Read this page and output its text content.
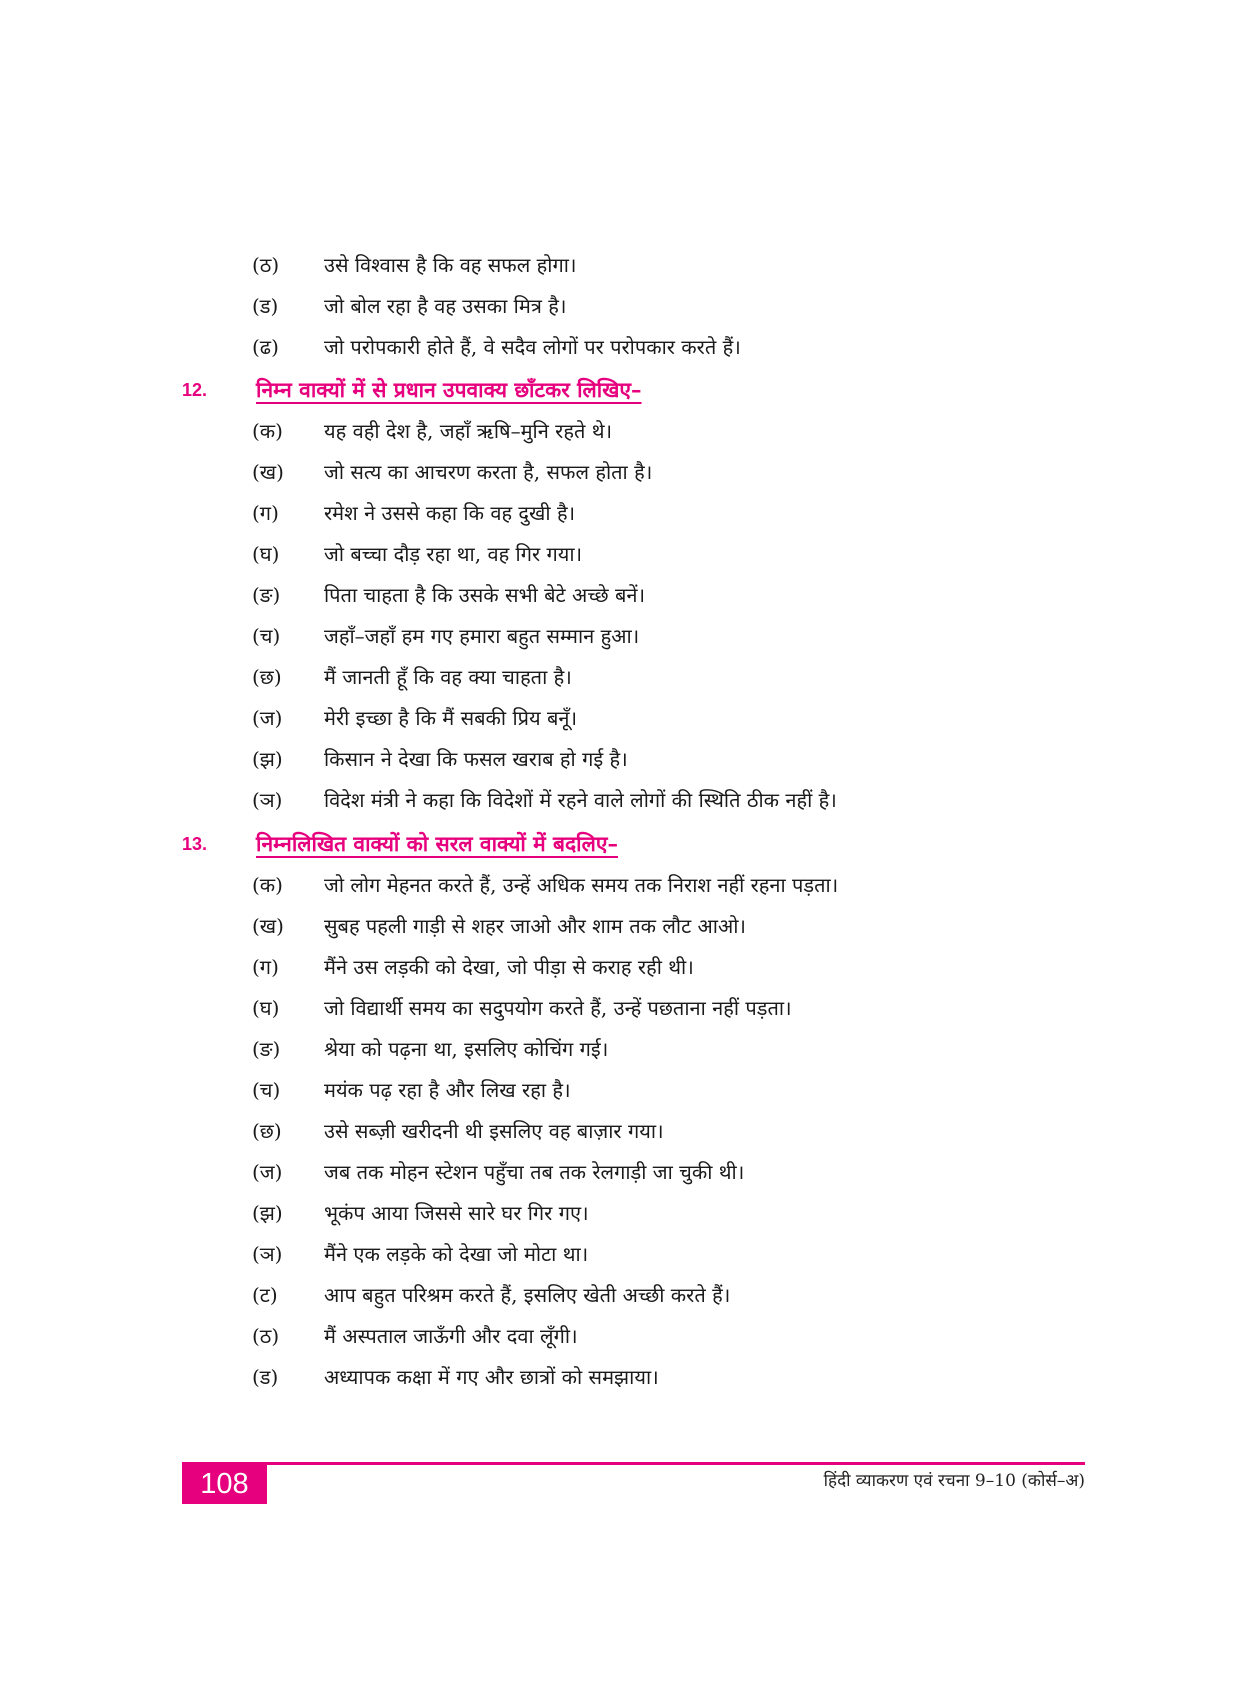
(ठ)	उसे विश्वास है कि वह सफल होगा।
(ड)	जो बोल रहा है वह उसका मित्र है।
(ढ)	जो परोपकारी होते हैं, वे सदैव लोगों पर परोपकार करते हैं।
12. निम्न वाक्यों में से प्रधान उपवाक्य छाँटकर लिखिए–
(क)	यह वही देश है, जहाँ ऋषि–मुनि रहते थे।
(ख)	जो सत्य का आचरण करता है, सफल होता है।
(ग)	रमेश ने उससे कहा कि वह दुखी है।
(घ)	जो बच्चा दौड़ रहा था, वह गिर गया।
(ङ)	पिता चाहता है कि उसके सभी बेटे अच्छे बनें।
(च)	जहाँ–जहाँ हम गए हमारा बहुत सम्मान हुआ।
(छ)	मैं जानती हूँ कि वह क्या चाहता है।
(ज)	मेरी इच्छा है कि मैं सबकी प्रिय बनूँ।
(झ)	किसान ने देखा कि फसल खराब हो गई है।
(ञ)	विदेश मंत्री ने कहा कि विदेशों में रहने वाले लोगों की स्थिति ठीक नहीं है।
13. निम्नलिखित वाक्यों को सरल वाक्यों में बदलिए–
(क)	जो लोग मेहनत करते हैं, उन्हें अधिक समय तक निराश नहीं रहना पड़ता।
(ख)	सुबह पहली गाड़ी से शहर जाओ और शाम तक लौट आओ।
(ग)	मैंने उस लड़की को देखा, जो पीड़ा से कराह रही थी।
(घ)	जो विद्यार्थी समय का सदुपयोग करते हैं, उन्हें पछताना नहीं पड़ता।
(ङ)	श्रेया को पढ़ना था, इसलिए कोचिंग गई।
(च)	मयंक पढ़ रहा है और लिख रहा है।
(छ)	उसे सब्ज़ी खरीदनी थी इसलिए वह बाज़ार गया।
(ज)	जब तक मोहन स्टेशन पहुँचा तब तक रेलगाड़ी जा चुकी थी।
(झ)	भूकंप आया जिससे सारे घर गिर गए।
(ञ)	मैंने एक लड़के को देखा जो मोटा था।
(ट)	आप बहुत परिश्रम करते हैं, इसलिए खेती अच्छी करते हैं।
(ठ)	मैं अस्पताल जाऊँगी और दवा लूँगी।
(ड)	अध्यापक कक्षा में गए और छात्रों को समझाया।
108	हिंदी व्याकरण एवं रचना 9–10 (कोर्स–अ)
